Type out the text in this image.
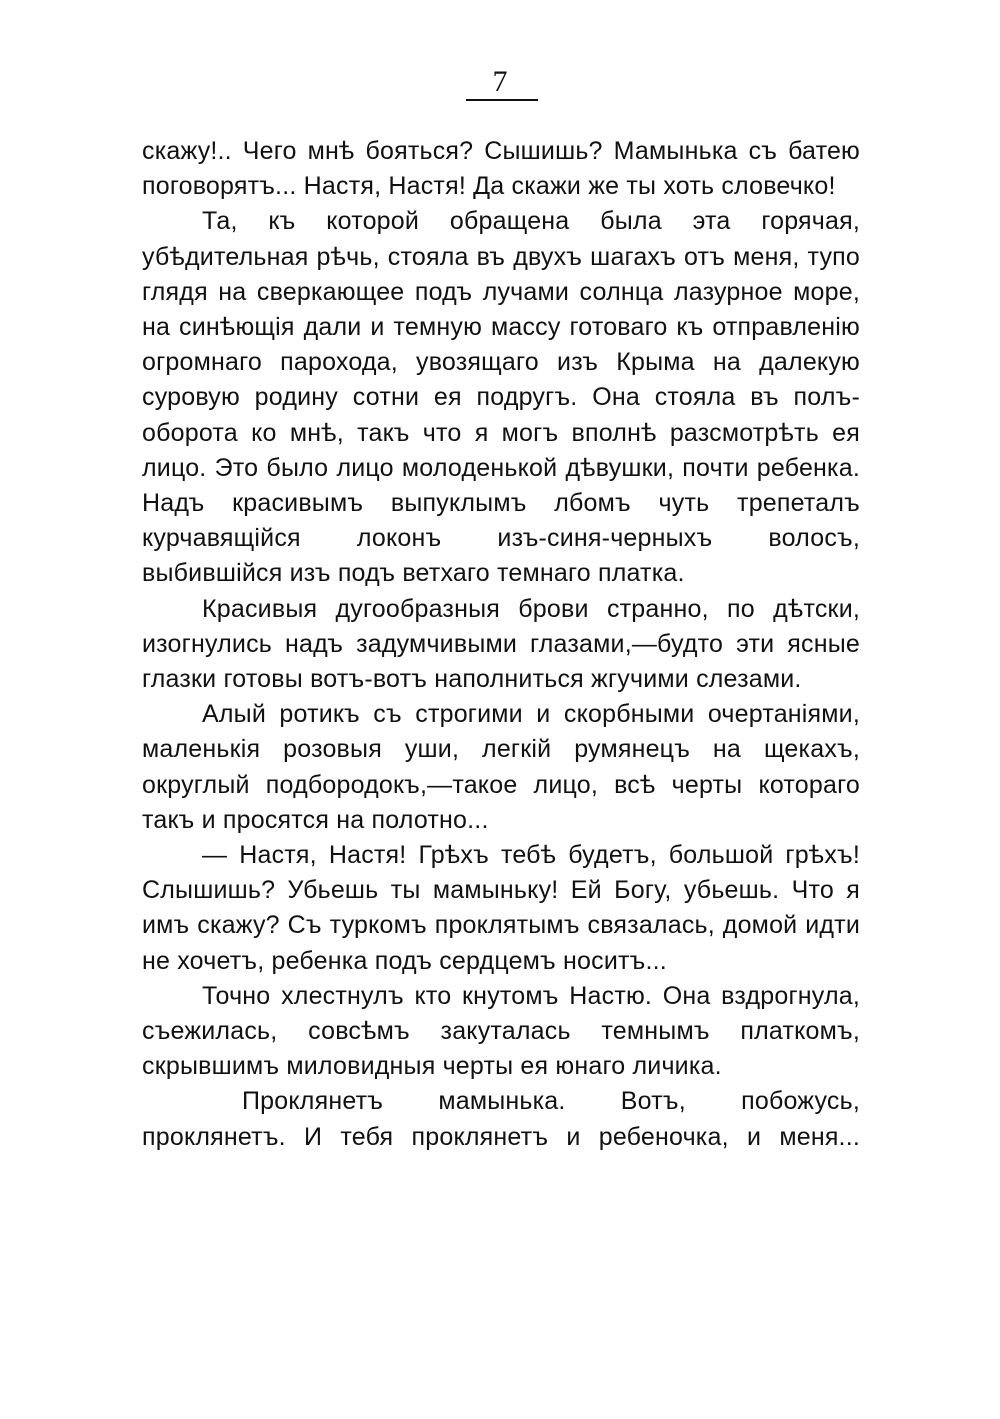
7

скажу!.. Чего мнѣ бояться? Сышишь? Мамынька съ батею поговорятъ... Настя, Настя! Да скажи же ты хоть словечко!

Та, къ которой обращена была эта горячая, убѣдительная рѣчь, стояла въ двухъ шагахъ отъ меня, тупо глядя на сверкающее подъ лучами солнца лазурное море, на синѣющія дали и темную массу готоваго къ отправленію огромнаго парохода, увозящаго изъ Крыма на далекую суровую родину сотни ея подругъ. Она стояла въ полъ-оборота ко мнѣ, такъ что я могъ вполнѣ разсмотрѣть ея лицо. Это было лицо молоденькой дѣвушки, почти ребенка. Надъ красивымъ выпуклымъ лбомъ чуть трепеталъ курчавящійся локонъ изъ-синя-черныхъ волосъ, выбившійся изъ подъ ветхаго темнаго платка.

Красивыя дугообразныя брови странно, по дѣтски, изогнулись надъ задумчивыми глазами,—будто эти ясные глазки готовы вотъ-вотъ наполниться жгучими слезами.

Алый ротикъ съ строгими и скорбными очертаніями, маленькія розовыя уши, легкій румянецъ на щекахъ, округлый подбородокъ,—такое лицо, всѣ черты котораго такъ и просятся на полотно...

— Настя, Настя! Грѣхъ тебѣ будетъ, большой грѣхъ! Слышишь? Убьешь ты мамыньку! Ей Богу, убьешь. Что я имъ скажу? Съ туркомъ проклятымъ связалась, домой идти не хочетъ, ребенка подъ сердцемъ носитъ...

Точно хлестнулъ кто кнутомъ Настю. Она вздрогнула, съежилась, совсѣмъ закуталась темнымъ платкомъ, скрывшимъ миловидныя черты ея юнаго личика.

Проклянетъ мамынька. Вотъ, побожусь, проклянетъ. И тебя проклянетъ и ребеночка, и меня...
